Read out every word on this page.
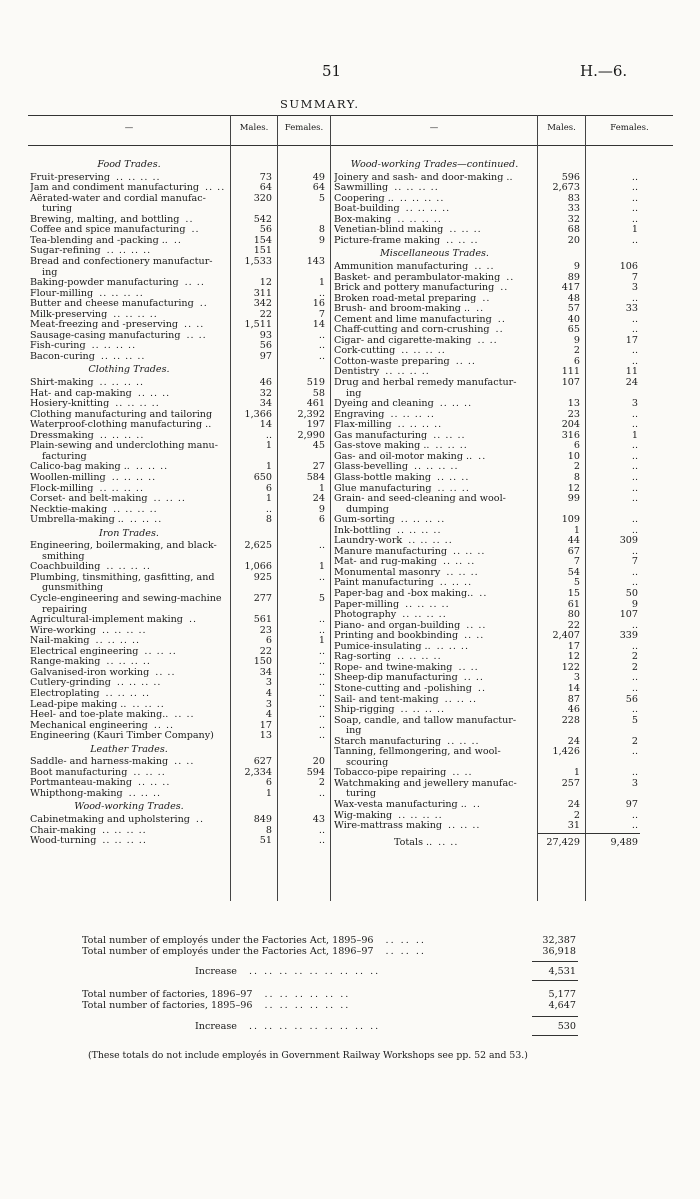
51	H.—6.
SUMMARY.
—	Males.	Females.	—	Males.	Females.
Food Trades.
Fruit-preserving .. .. .. ..	73	49
Jam and condiment manufacturing .. ..	64	64
Aërated-water and cordial manufac-	320	5
turing
Brewing, malting, and bottling ..	542
Coffee and spice manufacturing ..	56	8
Tea-blending and -packing .. ..	154	9
Sugar-refining .. .. .. ..	151
Bread and confectionery manufactur-	1,533	143
ing
Baking-powder manufacturing .. ..	12	1
Flour-milling .. .. .. ..	311	..
Butter and cheese manufacturing ..	342	16
Milk-preserving .. .. .. ..	22	7
Meat-freezing and -preserving .. ..	1,511	14
Sausage-casing manufacturing .. ..	93	..
Fish-curing .. .. .. ..	56	..
Bacon-curing .. .. .. ..	97	..
Clothing Trades.
Shirt-making .. .. .. ..	46	519
Hat- and cap-making .. .. ..	32	58
Hosiery-knitting .. .. .. ..	34	461
Clothing manufacturing and tailoring	1,366	2,392
Waterproof-clothing manufacturing ..	14	197
Dressmaking .. .. .. ..	..	2,990
Plain-sewing and underclothing manu-	1	45
facturing
Calico-bag making .. .. .. ..	1	27
Woollen-milling .. .. .. ..	650	584
Flock-milling .. .. .. ..	6	1
Corset- and belt-making .. .. ..	1	24
Necktie-making .. .. .. ..	..	9
Umbrella-making .. .. .. ..	8	6
Iron Trades.
Engineering, boilermaking, and black-	2,625	..
smithing
Coachbuilding .. .. .. ..	1,066	1
Plumbing, tinsmithing, gasfitting, and	925	..
gunsmithing
Cycle-engineering and sewing-machine	277	5
repairing
Agricultural-implement making ..	561	..
Wire-working .. .. .. ..	23	..
Nail-making .. .. .. ..	6	1
Electrical engineering .. .. ..	22	..
Range-making .. .. .. ..	150	..
Galvanised-iron working .. ..	34	..
Cutlery-grinding .. .. .. ..	3	..
Electroplating .. .. .. ..	4	..
Lead-pipe making .. .. .. ..	3	..
Heel- and toe-plate making.. .. ..	4	..
Mechanical engineering .. ..	17	..
Engineering (Kauri Timber Company)	13	..
Leather Trades.
Saddle- and harness-making .. ..	627	20
Boot manufacturing .. .. ..	2,334	594
Portmanteau-making .. .. ..	6	2
Whipthong-making .. .. ..	1	..
Wood-working Trades.
Cabinetmaking and upholstering ..	849	43
Chair-making .. .. .. ..	8	..
Wood-turning .. .. .. ..	51	..
Wood-working Trades—continued.
Joinery and sash- and door-making ..	596	..
Sawmilling .. .. .. ..	2,673	..
Coopering .. .. .. .. ..	83	..
Boat-building .. .. .. ..	33	..
Box-making .. .. .. ..	32	..
Venetian-blind making .. .. ..	68	1
Picture-frame making .. .. ..	20	..
Miscellaneous Trades.
Ammunition manufacturing .. ..	9	106
Basket- and perambulator-making ..	89	7
Brick and pottery manufacturing ..	417	3
Broken road-metal preparing ..	48	..
Brush- and broom-making .. ..	57	33
Cement and lime manufacturing ..	40	..
Chaff-cutting and corn-crushing ..	65	..
Cigar- and cigarette-making .. ..	9	17
Cork-cutting .. .. .. ..	2	..
Cotton-waste preparing .. ..	6	..
Dentistry .. .. .. ..	111	11
Drug and herbal remedy manufactur-	107	24
ing
Dyeing and cleaning .. .. ..	13	3
Engraving .. .. .. ..	23	..
Flax-milling .. .. .. ..	204	..
Gas manufacturing .. .. ..	316	1
Gas-stove making .. .. .. ..	6	..
Gas- and oil-motor making .. ..	10	..
Glass-bevelling .. .. .. ..	2	..
Glass-bottle making .. .. ..	8	..
Glue manufacturing .. .. ..	12	..
Grain- and seed-cleaning and wool-	99	..
dumping
Gum-sorting .. .. .. ..	109	..
Ink-bottling .. .. .. ..	1	..
Laundry-work .. .. .. ..	44	309
Manure manufacturing .. .. ..	67	..
Mat- and rug-making .. .. ..	7	7
Monumental masonry .. .. ..	54	..
Paint manufacturing .. .. ..	5	..
Paper-bag and -box making.. ..	15	50
Paper-milling .. .. .. ..	61	9
Photography .. .. .. ..	80	107
Piano- and organ-building .. ..	22	..
Printing and bookbinding .. ..	2,407	339
Pumice-insulating .. .. .. ..	17	..
Rag-sorting .. .. .. ..	12	2
Rope- and twine-making .. ..	122	2
Sheep-dip manufacturing .. ..	3	..
Stone-cutting and -polishing ..	14	..
Sail- and tent-making .. .. ..	87	56
Ship-rigging .. .. .. ..	46	..
Soap, candle, and tallow manufactur-	228	5
ing
Starch manufacturing .. .. ..	24	2
Tanning, fellmongering, and wool-	1,426	..
scouring
Tobacco-pipe repairing .. ..	1	..
Watchmaking and jewellery manufac-	257	3
turing
Wax-vesta manufacturing .. ..	24	97
Wig-making .. .. .. ..	2	..
Wire-mattrass making .. .. ..	31	..
Totals .. .. ..	27,429	9,489
Total number of employés under the Factories Act, 1895–96 .. .. ..	32,387
Total number of employés under the Factories Act, 1896–97 .. .. ..	36,918
Increase .. .. .. .. .. .. .. .. ..	4,531
Total number of factories, 1896–97 .. .. .. .. .. ..	5,177
Total number of factories, 1895–96 .. .. .. .. .. ..	4,647
Increase .. .. .. .. .. .. .. .. ..	530
(These totals do not include employés in Government Railway Workshops see pp. 52 and 53.)
